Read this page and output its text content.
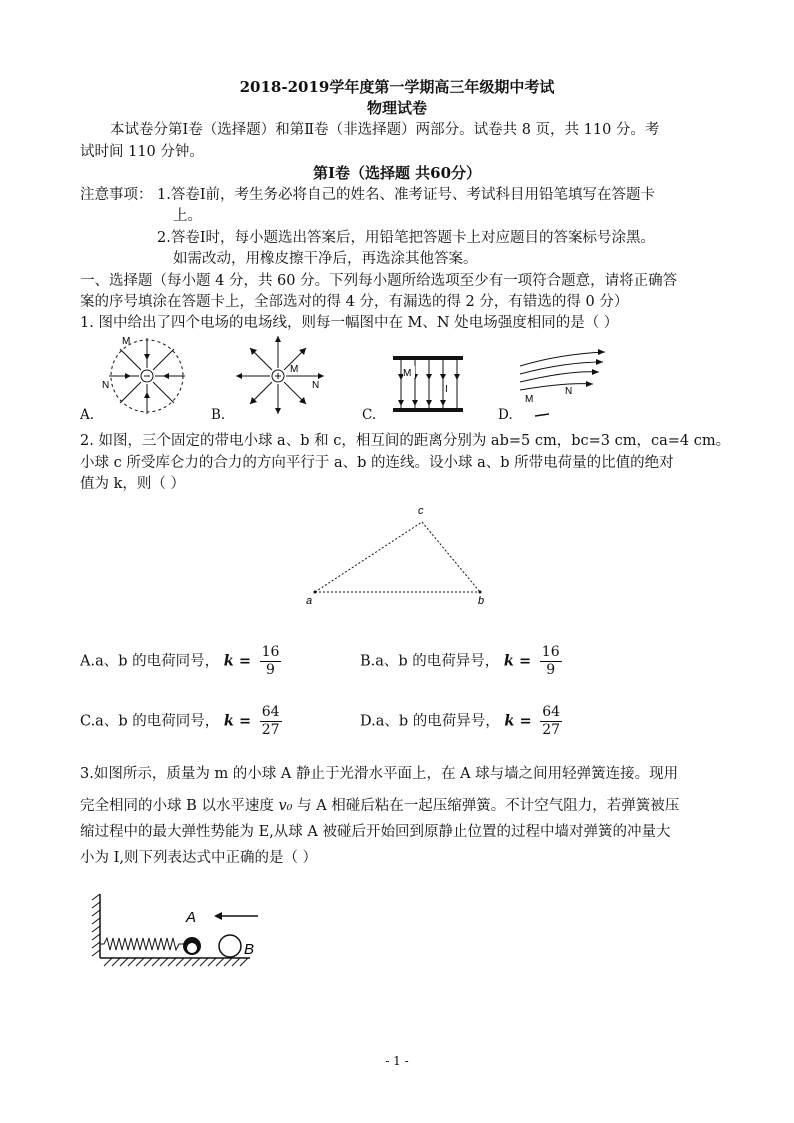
2018-2019学年度第一学期高三年级期中考试
物理试卷
本试卷分第Ⅰ卷（选择题）和第Ⅱ卷（非选择题）两部分。试卷共 8 页，共 110 分。考
试时间 110 分钟。
第Ⅰ卷（选择题 共60分）
注意事项： 1.答卷Ⅰ前，考生务必将自己的姓名、准考证号、考试科目用铅笔填写在答题卡
上。
2.答卷Ⅰ时，每小题选出答案后，用铅笔把答题卡上对应题目的答案标号涂黑。
如需改动，用橡皮擦干净后，再选涂其他答案。
一、选择题（每小题 4 分，共 60 分。下列每小题所给选项至少有一项符合题意，请将正确答
案的序号填涂在答题卡上，全部选对的得 4 分，有漏选的得 2 分，有错选的得 0 分）
1. 图中给出了四个电场的电场线，则每一幅图中在 M、N 处电场强度相同的是（ ）
M
N
M
N
M
I
M
N
A.	B.	C.	D.
2. 如图，三个固定的带电小球 a、b 和 c，相互间的距离分别为 ab=5 cm，bc=3 cm，ca=4 cm。
小球 c 所受库仑力的合力的方向平行于 a、b 的连线。设小球 a、b 所带电荷量的比值的绝对
值为 k，则（ ）
c
a	b
A.a、b 的电荷同号， $k = \frac{16}{9}$	B.a、b 的电荷异号， $k = \frac{16}{9}$
C.a、b 的电荷同号， $k = \frac{64}{27}$	D.a、b 的电荷异号， $k = \frac{64}{27}$
3.如图所示，质量为 m 的小球 A 静止于光滑水平面上，在 A 球与墙之间用轻弹簧连接。现用
完全相同的小球 B 以水平速度 v₀ 与 A 相碰后粘在一起压缩弹簧。不计空气阻力，若弹簧被压
缩过程中的最大弹性势能为 E,从球 A 被碰后开始回到原静止位置的过程中墙对弹簧的冲量大
小为 I,则下列表达式中正确的是（ ）
A
B
- 1 -
